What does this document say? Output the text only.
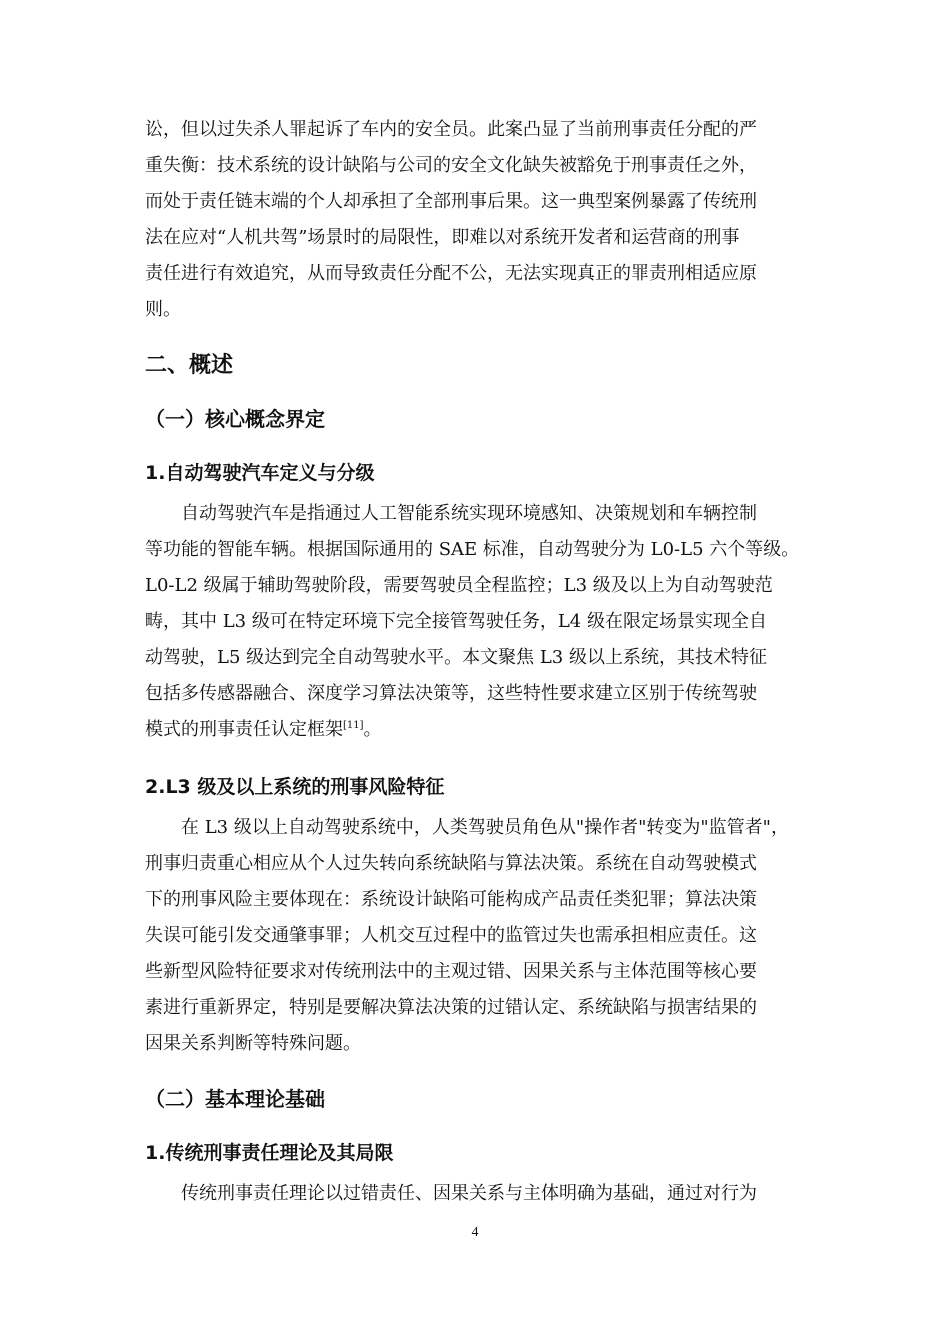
讼，但以过失杀人罪起诉了车内的安全员。此案凸显了当前刑事责任分配的严

重失衡：技术系统的设计缺陷与公司的安全文化缺失被豁免于刑事责任之外，

而处于责任链末端的个人却承担了全部刑事后果。这一典型案例暴露了传统刑

法在应对“人机共驾”场景时的局限性，即难以对系统开发者和运营商的刑事

责任进行有效追究，从而导致责任分配不公，无法实现真正的罪责刑相适应原

则。

二、概述
（一）核心概念界定
1.自动驾驶汽车定义与分级

自动驾驶汽车是指通过人工智能系统实现环境感知、决策规划和车辆控制

等功能的智能车辆。根据国际通用的 SAE 标准，自动驾驶分为 L0-L5 六个等级。

L0-L2 级属于辅助驾驶阶段，需要驾驶员全程监控；L3 级及以上为自动驾驶范

畴，其中 L3 级可在特定环境下完全接管驾驶任务，L4 级在限定场景实现全自

动驾驶，L5 级达到完全自动驾驶水平。本文聚焦 L3 级以上系统，其技术特征

包括多传感器融合、深度学习算法决策等，这些特性要求建立区别于传统驾驶

模式的刑事责任认定框架[11]。

2.L3 级及以上系统的刑事风险特征

在 L3 级以上自动驾驶系统中，人类驾驶员角色从"操作者"转变为"监管者"，

刑事归责重心相应从个人过失转向系统缺陷与算法决策。系统在自动驾驶模式

下的刑事风险主要体现在：系统设计缺陷可能构成产品责任类犯罪；算法决策

失误可能引发交通肇事罪；人机交互过程中的监管过失也需承担相应责任。这

些新型风险特征要求对传统刑法中的主观过错、因果关系与主体范围等核心要

素进行重新界定，特别是要解决算法决策的过错认定、系统缺陷与损害结果的

因果关系判断等特殊问题。

（二）基本理论基础
1.传统刑事责任理论及其局限

传统刑事责任理论以过错责任、因果关系与主体明确为基础，通过对行为

4
